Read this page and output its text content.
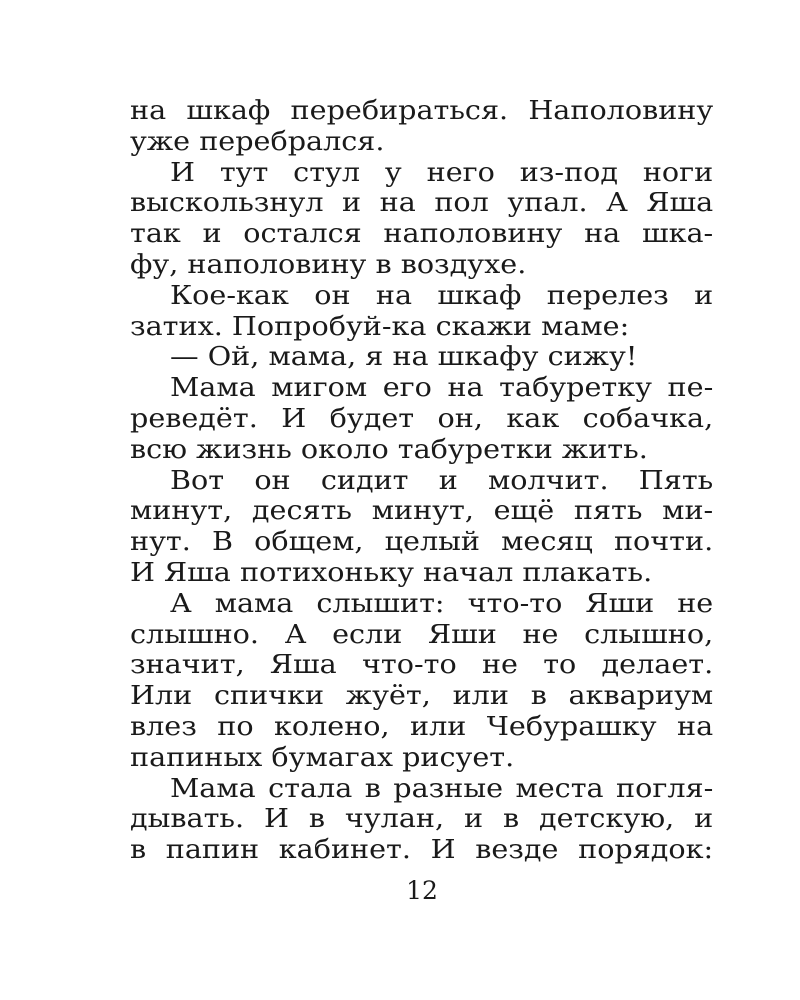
на шкаф перебираться. Наполовину
уже перебрался.
И тут стул у него из-под ноги
выскользнул и на пол упал. А Яша
так и остался наполовину на шка-
фу, наполовину в воздухе.
Кое-как он на шкаф перелез и
затих. Попробуй-ка скажи маме:
— Ой, мама, я на шкафу сижу!
Мама мигом его на табуретку пе-
реведёт. И будет он, как собачка,
всю жизнь около табуретки жить.
Вот он сидит и молчит. Пять
минут, десять минут, ещё пять ми-
нут. В общем, целый месяц почти.
И Яша потихоньку начал плакать.
А мама слышит: что-то Яши не
слышно. А если Яши не слышно,
значит, Яша что-то не то делает.
Или спички жуёт, или в аквариум
влез по колено, или Чебурашку на
папиных бумагах рисует.
Мама стала в разные места погля-
дывать. И в чулан, и в детскую, и
в папин кабинет. И везде порядок:
12
